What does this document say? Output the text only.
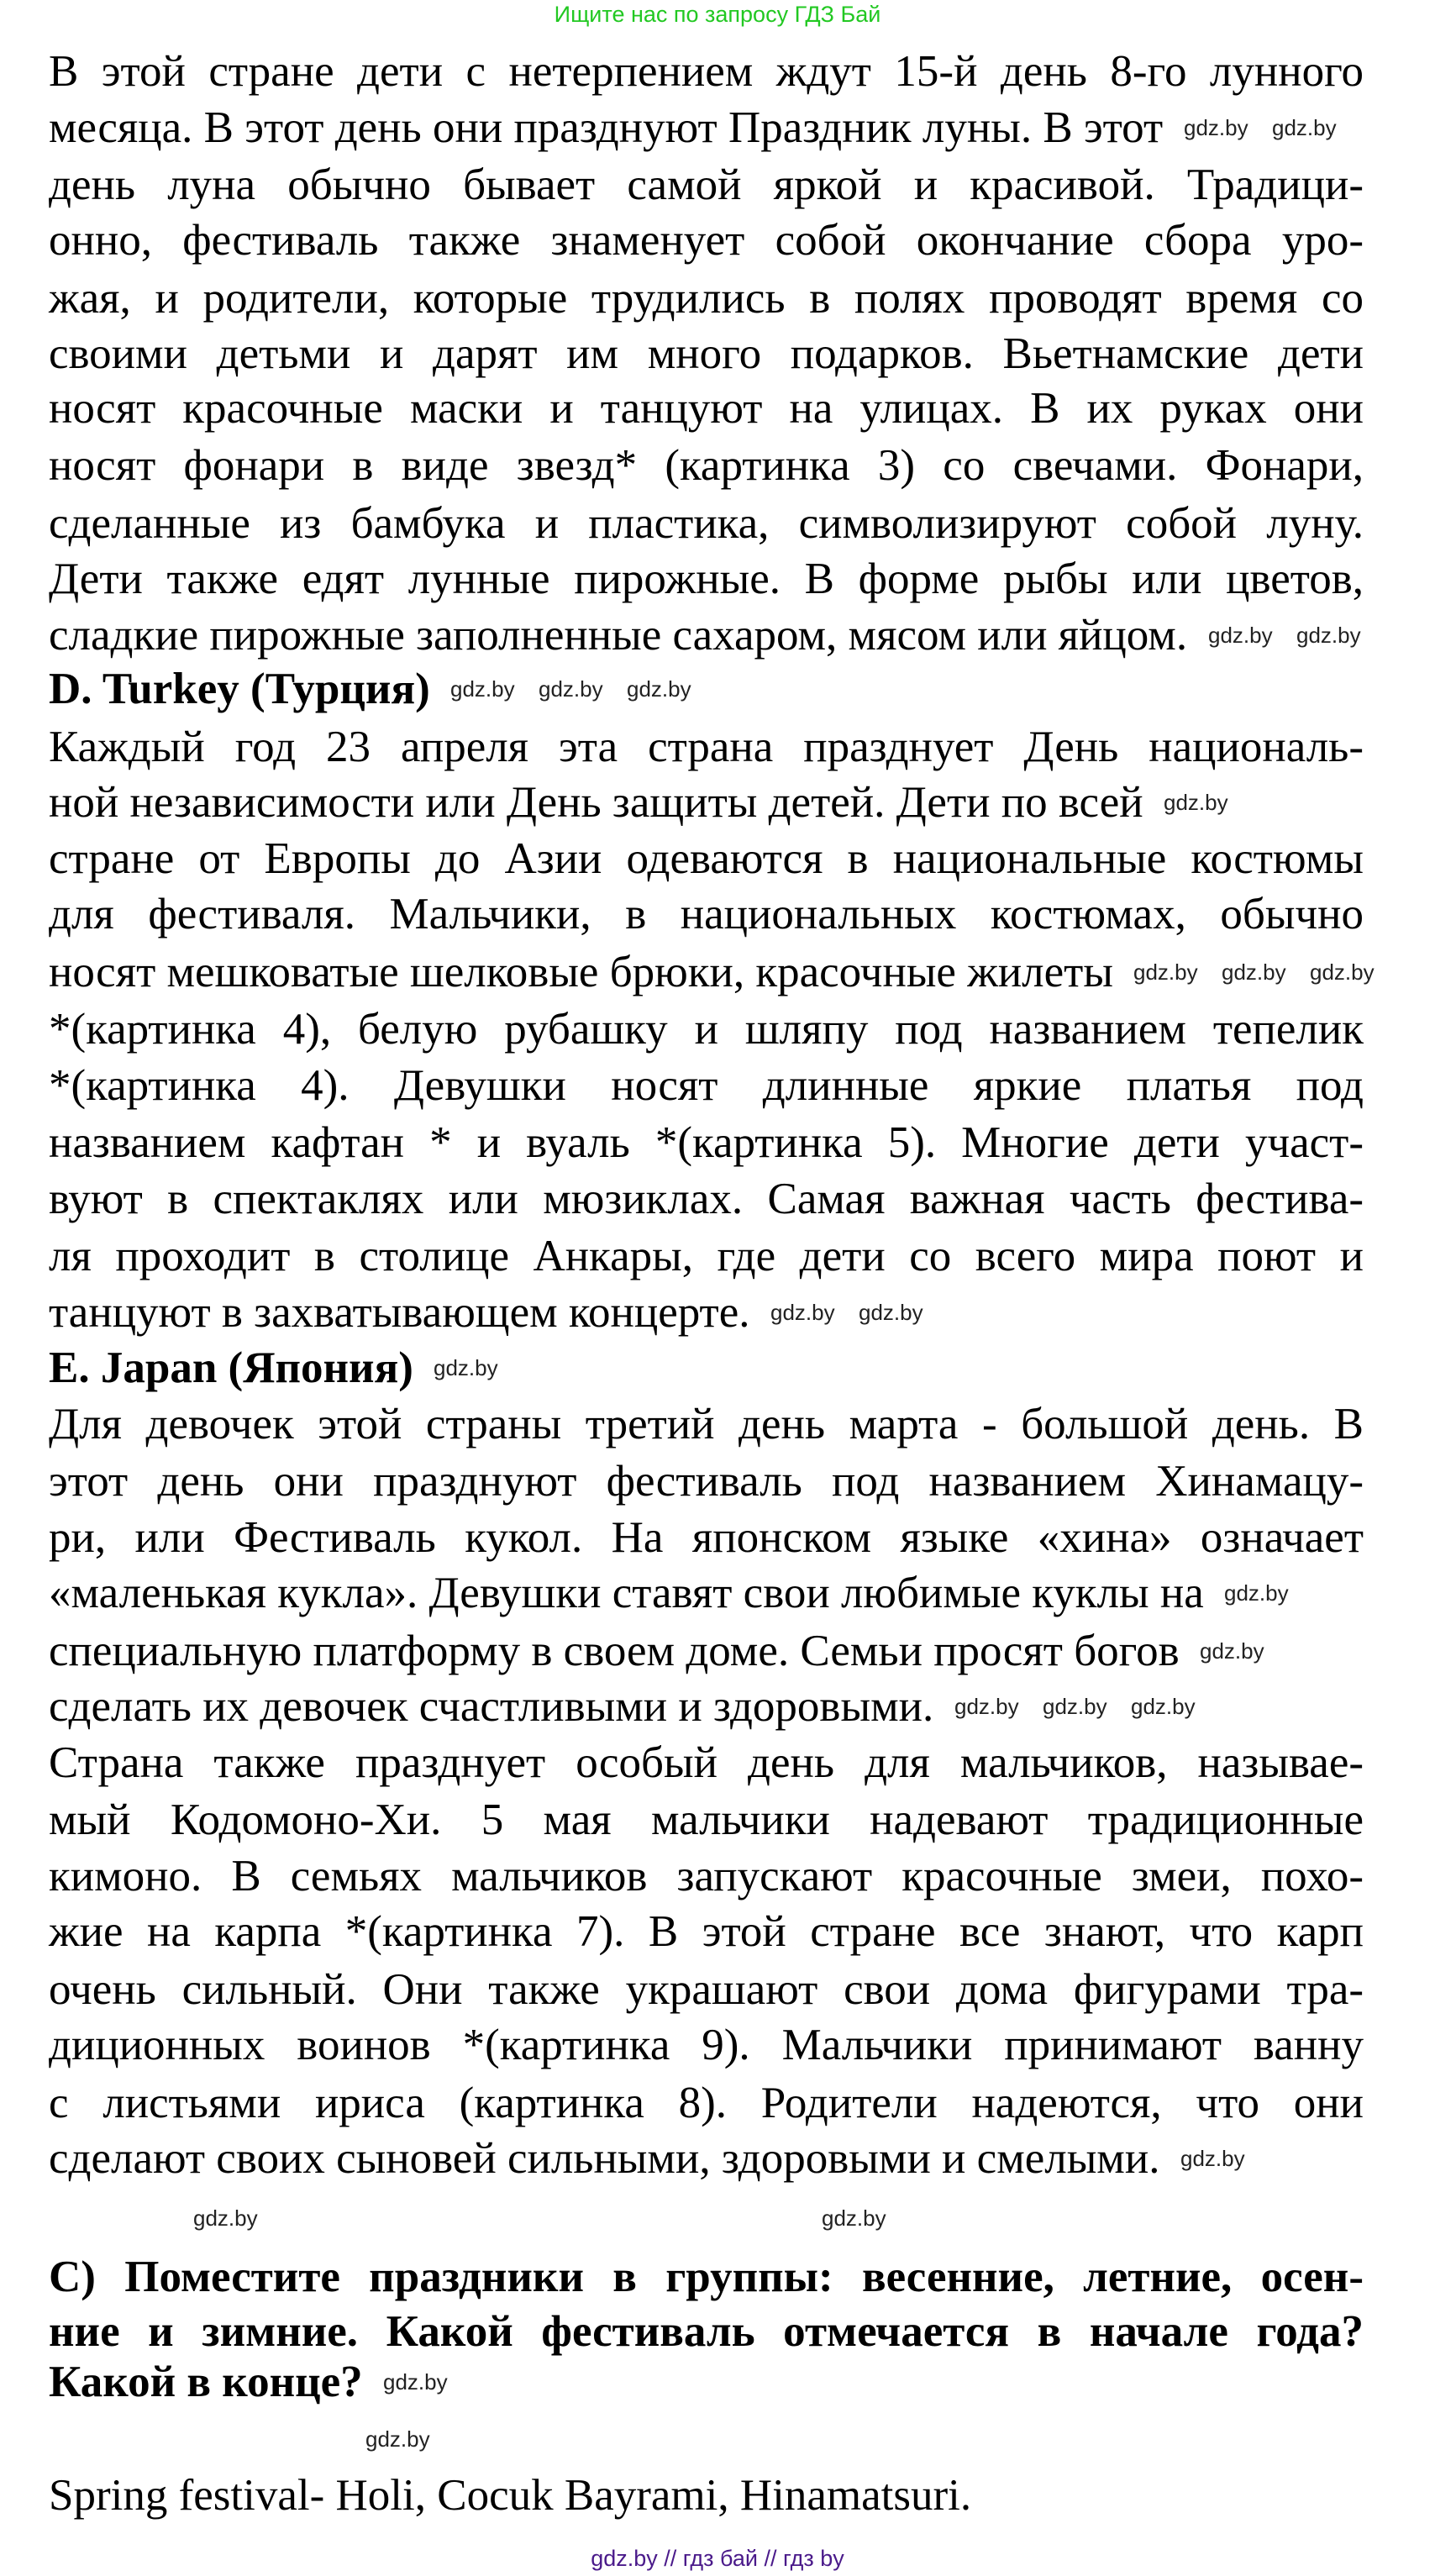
Ищите нас по запросу ГДЗ Бай
В этой стране дети с нетерпением ждут 15-й день 8-го лунного
месяца. В этот день они празднуют Праздник луны. В этот
день луна обычно бывает самой яркой и красивой. Традици-
онно, фестиваль также знаменует собой окончание сбора уро-
жая, и родители, которые трудились в полях проводят время со
своими детьми и дарят им много подарков. Вьетнамские дети
носят красочные маски и танцуют на улицах. В их руках они
носят фонари в виде звезд* (картинка 3) со свечами. Фонари,
сделанные из бамбука и пластика, символизируют собой луну.
Дети также едят лунные пирожные. В форме рыбы или цветов,
сладкие пирожные заполненные сахаром, мясом или яйцом.
D. Turkey (Турция)
Каждый год 23 апреля эта страна празднует День националь-
ной независимости или День защиты детей. Дети по всей
стране от Европы до Азии одеваются в национальные костюмы
для фестиваля. Мальчики, в национальных костюмах, обычно
носят мешковатые шелковые брюки, красочные жилеты
*(картинка 4), белую рубашку и шляпу под названием тепелик
*(картинка 4). Девушки носят длинные яркие платья под
названием кафтан * и вуаль *(картинка 5). Многие дети участ-
вуют в спектаклях или мюзиклах. Самая важная часть фестива-
ля проходит в столице Анкары, где дети со всего мира поют и
танцуют в захватывающем концерте.
E. Japan (Япония)
Для девочек этой страны третий день марта - большой день. В
этот день они празднуют фестиваль под названием Хинамацу-
ри, или Фестиваль кукол. На японском языке «хина» означает
«маленькая кукла». Девушки ставят свои любимые куклы на
специальную платформу в своем доме. Семьи просят богов
сделать их девочек счастливыми и здоровыми.
Страна также празднует особый день для мальчиков, называе-
мый Кодомоно-Хи. 5 мая мальчики надевают традиционные
кимоно. В семьях мальчиков запускают красочные змеи, похо-
жие на карпа *(картинка 7). В этой стране все знают, что карп
очень сильный. Они также украшают свои дома фигурами тра-
диционных воинов *(картинка 9). Мальчики принимают ванну
с листьями ириса (картинка 8). Родители надеются, что они
сделают своих сыновей сильными, здоровыми и смелыми.
С) Поместите праздники в группы: весенние, летние, осен-
ние и зимние. Какой фестиваль отмечается в начале года?
Какой в конце?
Spring festival- Holi, Cocuk Bayrami, Hinamatsuri.
gdz.by gdz.by
gdz.by gdz.by
gdz.by gdz.by gdz.by
gdz.by
gdz.by gdz.by gdz.by
gdz.by gdz.by
gdz.by
gdz.by
gdz.by
gdz.by gdz.by gdz.by
gdz.by
gdz.by	gdz.by
gdz.by
gdz.by
gdz.by // гдз бай // гдз by
